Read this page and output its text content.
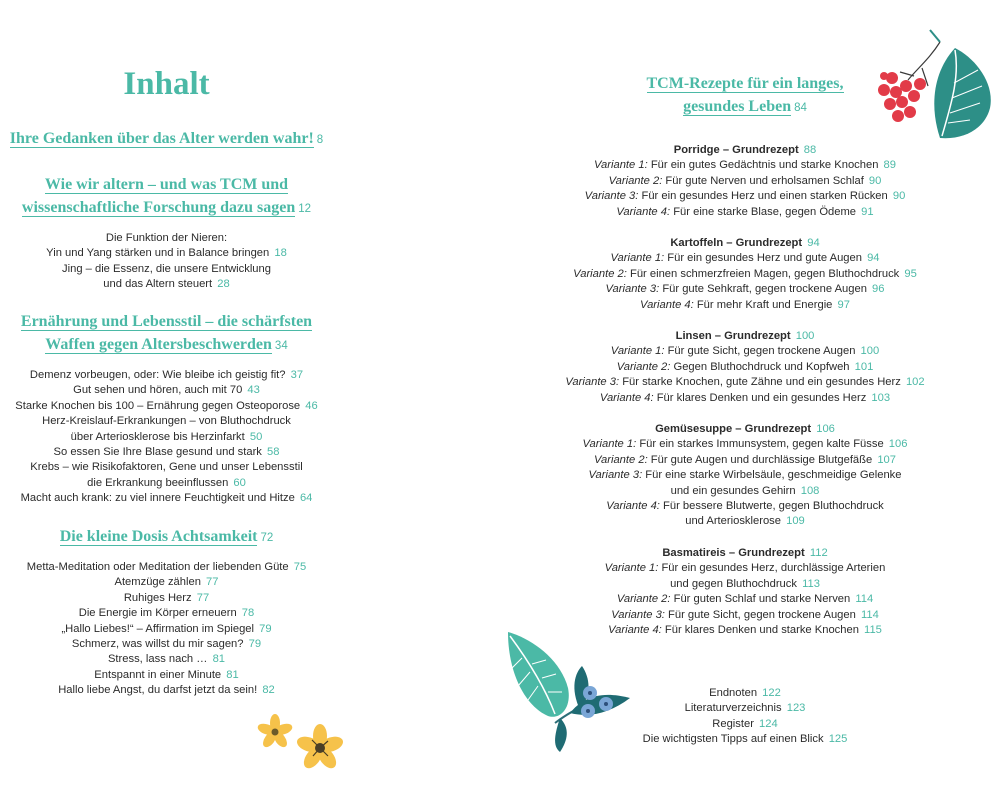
Inhalt
Ihre Gedanken über das Alter werden wahr! 8
Wie wir altern – und was TCM und
wissenschaftliche Forschung dazu sagen 12
Die Funktion der Nieren:
Yin und Yang stärken und in Balance bringen 18
Jing – die Essenz, die unsere Entwicklung
und das Altern steuert 28
Ernährung und Lebensstil – die schärfsten
Waffen gegen Altersbeschwerden 34
Demenz vorbeugen, oder: Wie bleibe ich geistig fit? 37
Gut sehen und hören, auch mit 70 43
Starke Knochen bis 100 – Ernährung gegen Osteoporose 46
Herz-Kreislauf-Erkrankungen – von Bluthochdruck
über Arteriosklerose bis Herzinfarkt 50
So essen Sie Ihre Blase gesund und stark 58
Krebs – wie Risikofaktoren, Gene und unser Lebensstil
die Erkrankung beeinflussen 60
Macht auch krank: zu viel innere Feuchtigkeit und Hitze 64
Die kleine Dosis Achtsamkeit 72
Metta-Meditation oder Meditation der liebenden Güte 75
Atemzüge zählen 77
Ruhiges Herz 77
Die Energie im Körper erneuern 78
„Hallo Liebes!“ – Affirmation im Spiegel 79
Schmerz, was willst du mir sagen? 79
Stress, lass nach … 81
Entspannt in einer Minute 81
Hallo liebe Angst, du darfst jetzt da sein! 82
TCM-Rezepte für ein langes,
gesundes Leben 84
Porridge – Grundrezept 88
Variante 1: Für ein gutes Gedächtnis und starke Knochen 89
Variante 2: Für gute Nerven und erholsamen Schlaf 90
Variante 3: Für ein gesundes Herz und einen starken Rücken 90
Variante 4: Für eine starke Blase, gegen Ödeme 91
Kartoffeln – Grundrezept 94
Variante 1: Für ein gesundes Herz und gute Augen 94
Variante 2: Für einen schmerzfreien Magen, gegen Bluthochdruck 95
Variante 3: Für gute Sehkraft, gegen trockene Augen 96
Variante 4: Für mehr Kraft und Energie 97
Linsen – Grundrezept 100
Variante 1: Für gute Sicht, gegen trockene Augen 100
Variante 2: Gegen Bluthochdruck und Kopfweh 101
Variante 3: Für starke Knochen, gute Zähne und ein gesundes Herz 102
Variante 4: Für klares Denken und ein gesundes Herz 103
Gemüsesuppe – Grundrezept 106
Variante 1: Für ein starkes Immunsystem, gegen kalte Füsse 106
Variante 2: Für gute Augen und durchlässige Blutgefäße 107
Variante 3: Für eine starke Wirbelsäule, geschmeidige Gelenke
und ein gesundes Gehirn 108
Variante 4: Für bessere Blutwerte, gegen Bluthochdruck
und Arteriosklerose 109
Basmatireis – Grundrezept 112
Variante 1: Für ein gesundes Herz, durchlässige Arterien
und gegen Bluthochdruck 113
Variante 2: Für guten Schlaf und starke Nerven 114
Variante 3: Für gute Sicht, gegen trockene Augen 114
Variante 4: Für klares Denken und starke Knochen 115
Endnoten 122
Literaturverzeichnis 123
Register 124
Die wichtigsten Tipps auf einen Blick 125
